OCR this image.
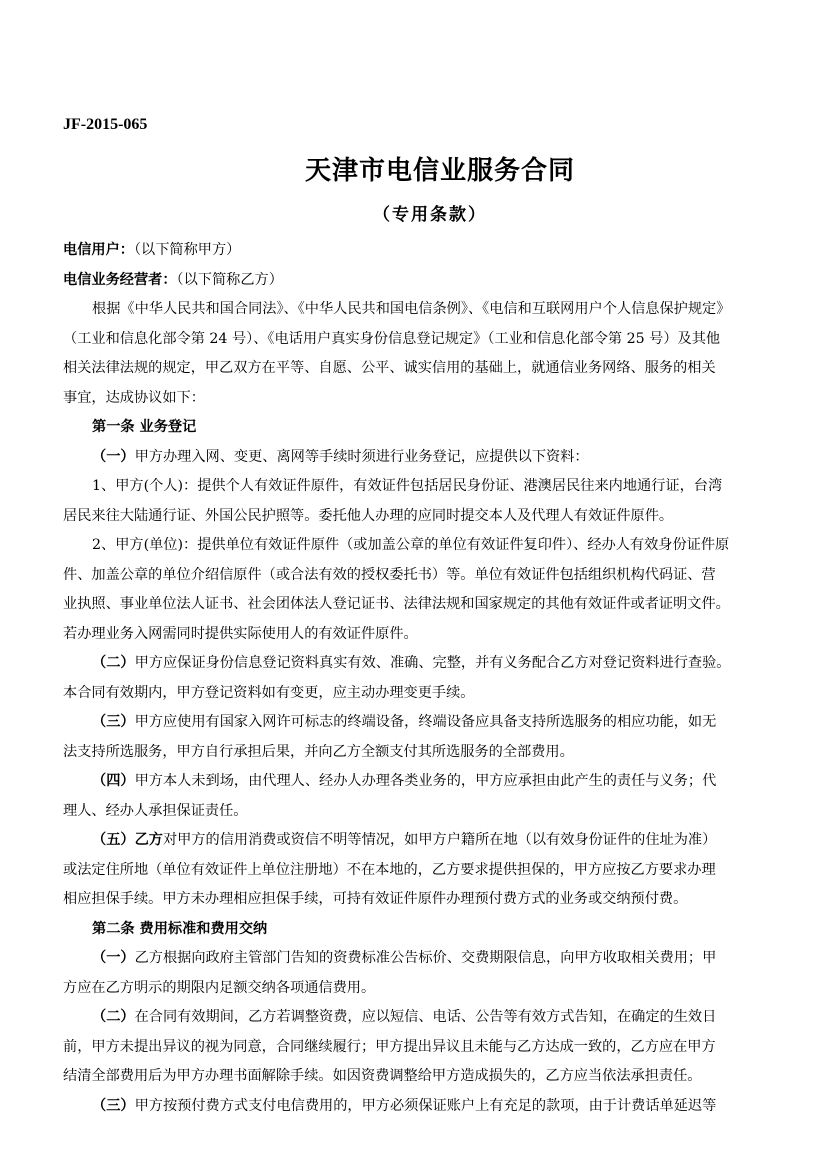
JF-2015-065
天津市电信业服务合同
（专用条款）
电信用户：（以下简称甲方）
电信业务经营者：（以下简称乙方）
根据《中华人民共和国合同法》、《中华人民共和国电信条例》、《电信和互联网用户个人信息保护规定》
（工业和信息化部令第 24 号）、《电话用户真实身份信息登记规定》（工业和信息化部令第 25 号）及其他
相关法律法规的规定，甲乙双方在平等、自愿、公平、诚实信用的基础上，就通信业务网络、服务的相关
事宜，达成协议如下：
第一条 业务登记
（一）甲方办理入网、变更、离网等手续时须进行业务登记，应提供以下资料：
1、甲方(个人)：提供个人有效证件原件，有效证件包括居民身份证、港澳居民往来内地通行证，台湾
居民来往大陆通行证、外国公民护照等。委托他人办理的应同时提交本人及代理人有效证件原件。
2、甲方(单位)：提供单位有效证件原件（或加盖公章的单位有效证件复印件）、经办人有效身份证件原
件、加盖公章的单位介绍信原件（或合法有效的授权委托书）等。单位有效证件包括组织机构代码证、营
业执照、事业单位法人证书、社会团体法人登记证书、法律法规和国家规定的其他有效证件或者证明文件。
若办理业务入网需同时提供实际使用人的有效证件原件。
（二）甲方应保证身份信息登记资料真实有效、准确、完整，并有义务配合乙方对登记资料进行查验。
本合同有效期内，甲方登记资料如有变更，应主动办理变更手续。
（三）甲方应使用有国家入网许可标志的终端设备，终端设备应具备支持所选服务的相应功能，如无
法支持所选服务，甲方自行承担后果，并向乙方全额支付其所选服务的全部费用。
（四）甲方本人未到场，由代理人、经办人办理各类业务的，甲方应承担由此产生的责任与义务；代
理人、经办人承担保证责任。
（五）乙方对甲方的信用消费或资信不明等情况，如甲方户籍所在地（以有效身份证件的住址为准）
或法定住所地（单位有效证件上单位注册地）不在本地的，乙方要求提供担保的，甲方应按乙方要求办理
相应担保手续。甲方未办理相应担保手续，可持有效证件原件办理预付费方式的业务或交纳预付费。
第二条 费用标准和费用交纳
（一）乙方根据向政府主管部门告知的资费标准公告标价、交费期限信息，向甲方收取相关费用；甲
方应在乙方明示的期限内足额交纳各项通信费用。
（二）在合同有效期间，乙方若调整资费，应以短信、电话、公告等有效方式告知，在确定的生效日
前，甲方未提出异议的视为同意，合同继续履行；甲方提出异议且未能与乙方达成一致的，乙方应在甲方
结清全部费用后为甲方办理书面解除手续。如因资费调整给甲方造成损失的，乙方应当依法承担责任。
（三）甲方按预付费方式支付电信费用的，甲方必须保证账户上有充足的款项，由于计费话单延迟等
